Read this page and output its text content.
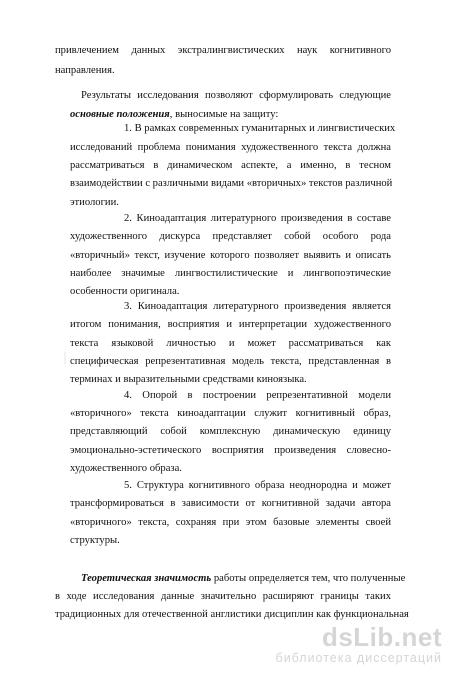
привлечением данных экстралингвистических наук когнитивного
направления.
Результаты исследования позволяют сформулировать следующие
основные положения, выносимые на защиту:
1. В рамках современных гуманитарных и лингвистических
исследований проблема понимания художественного текста должна
рассматриваться в динамическом аспекте, а именно, в тесном
взаимодействии с различными видами «вторичных» текстов различной
этиологии.
2. Киноадаптация литературного произведения в составе
художественного дискурса представляет собой особого рода
«вторичный» текст, изучение которого позволяет выявить и описать
наиболее значимые лингвостилистические и лингвопоэтические
особенности оригинала.
3. Киноадаптация литературного произведения является
итогом понимания, восприятия и интерпретации художественного
текста языковой личностью и может рассматриваться как
специфическая репрезентативная модель текста, представленная в
терминах и выразительными средствами киноязыка.
4. Опорой в построении репрезентативной модели
«вторичного» текста киноадаптации служит когнитивный образ,
представляющий собой комплексную динамическую единицу
эмоционально-эстетического восприятия произведения словесно-
художественного образа.
5. Структура когнитивного образа неоднородна и может
трансформироваться в зависимости от когнитивной задачи автора
«вторичного» текста, сохраняя при этом базовые элементы своей
структуры.
Теоретическая значимость работы определяется тем, что полученные
в ходе исследования данные значительно расширяют границы таких
традиционных для отечественной англистики дисциплин как функциональная
dsLib.net
библиотека диссертаций
